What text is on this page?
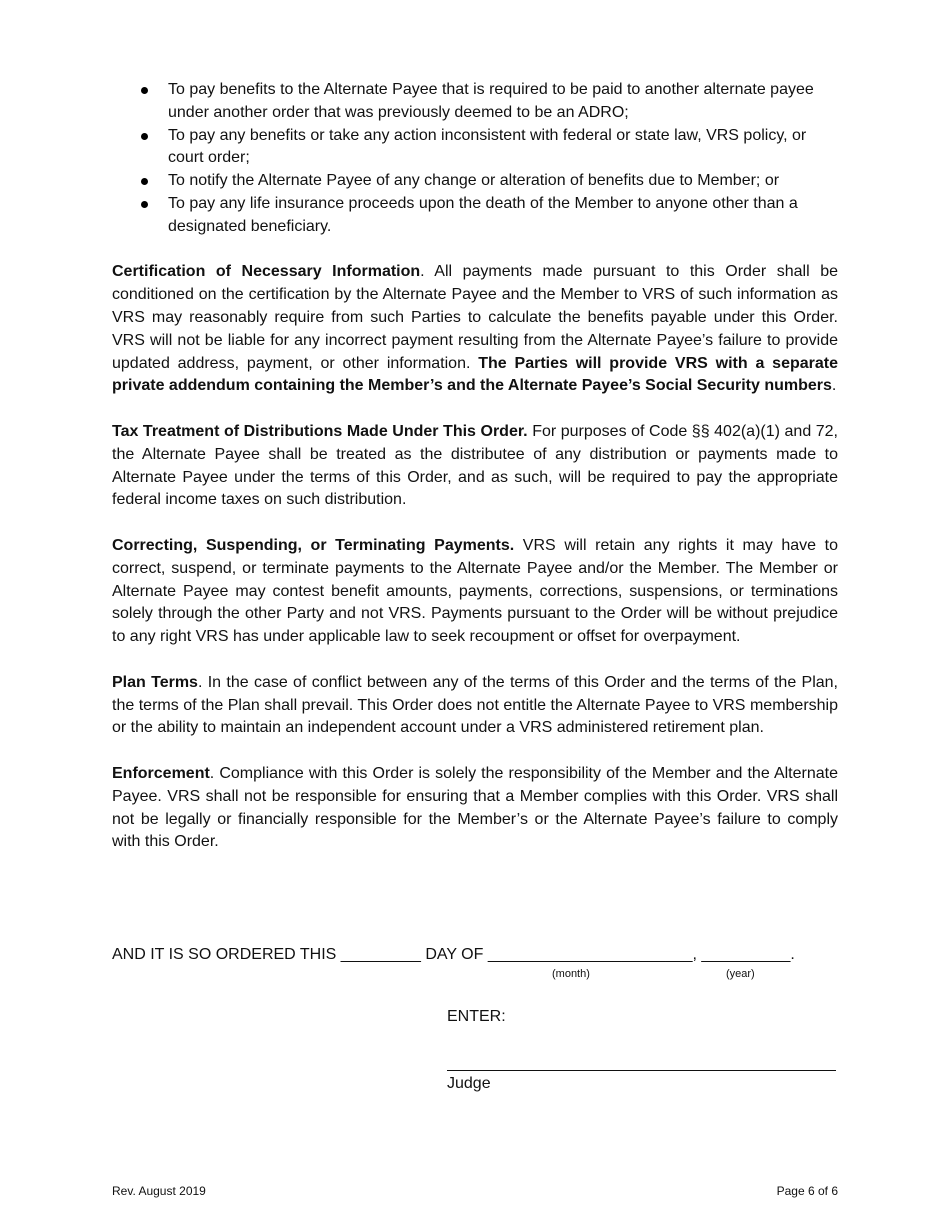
To pay benefits to the Alternate Payee that is required to be paid to another alternate payee under another order that was previously deemed to be an ADRO;
To pay any benefits or take any action inconsistent with federal or state law, VRS policy, or court order;
To notify the Alternate Payee of any change or alteration of benefits due to Member; or
To pay any life insurance proceeds upon the death of the Member to anyone other than a designated beneficiary.

Certification of Necessary Information. All payments made pursuant to this Order shall be conditioned on the certification by the Alternate Payee and the Member to VRS of such information as VRS may reasonably require from such Parties to calculate the benefits payable under this Order. VRS will not be liable for any incorrect payment resulting from the Alternate Payee’s failure to provide updated address, payment, or other information. The Parties will provide VRS with a separate private addendum containing the Member’s and the Alternate Payee’s Social Security numbers.

Tax Treatment of Distributions Made Under This Order. For purposes of Code §§ 402(a)(1) and 72, the Alternate Payee shall be treated as the distributee of any distribution or payments made to Alternate Payee under the terms of this Order, and as such, will be required to pay the appropriate federal income taxes on such distribution.

Correcting, Suspending, or Terminating Payments. VRS will retain any rights it may have to correct, suspend, or terminate payments to the Alternate Payee and/or the Member. The Member or Alternate Payee may contest benefit amounts, payments, corrections, suspensions, or terminations solely through the other Party and not VRS. Payments pursuant to the Order will be without prejudice to any right VRS has under applicable law to seek recoupment or offset for overpayment.

Plan Terms. In the case of conflict between any of the terms of this Order and the terms of the Plan, the terms of the Plan shall prevail. This Order does not entitle the Alternate Payee to VRS membership or the ability to maintain an independent account under a VRS administered retirement plan.

Enforcement. Compliance with this Order is solely the responsibility of the Member and the Alternate Payee. VRS shall not be responsible for ensuring that a Member complies with this Order. VRS shall not be legally or financially responsible for the Member’s or the Alternate Payee’s failure to comply with this Order.

AND IT IS SO ORDERED THIS _________ DAY OF _______________________, __________.
(month)	(year)
ENTER:
Judge
Rev. August 2019	Page 6 of 6
